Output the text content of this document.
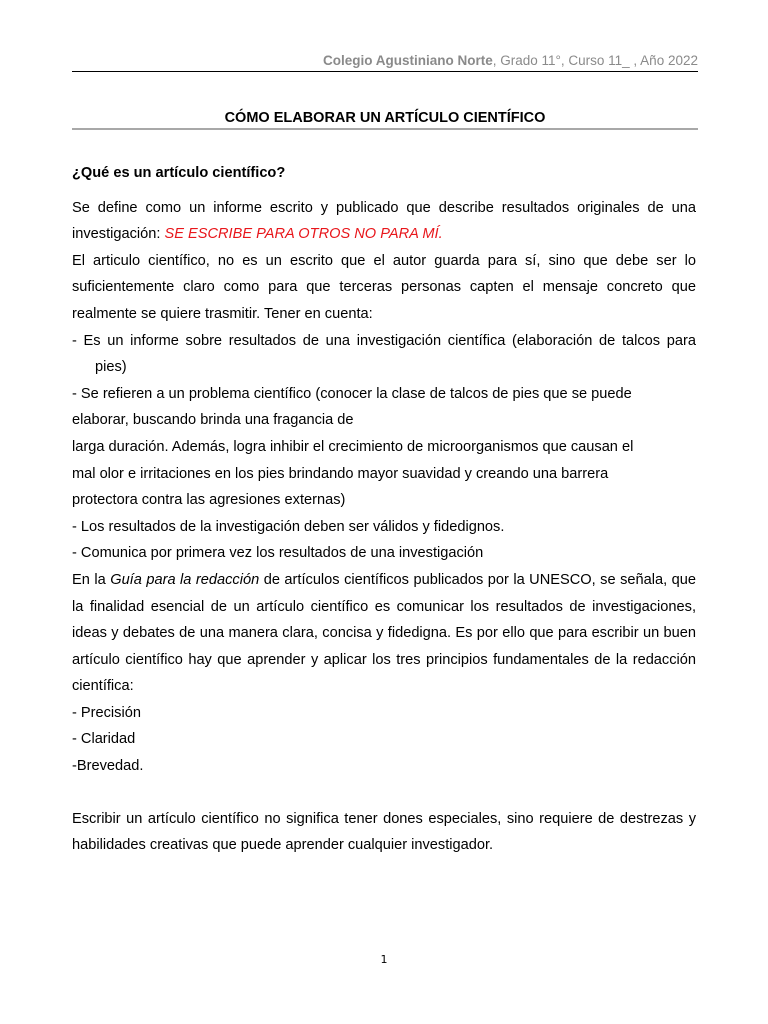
Colegio Agustiniano Norte, Grado 11°, Curso 11_ , Año 2022
CÓMO ELABORAR UN ARTÍCULO CIENTÍFICO

¿Qué es un artículo científico?

Se define como un informe escrito y publicado que describe resultados originales de una investigación: SE ESCRIBE PARA OTROS NO PARA MÍ.

El articulo científico, no es un escrito que el autor guarda para sí, sino que debe ser lo suficientemente claro como para que terceras personas capten el mensaje concreto que realmente se quiere trasmitir. Tener en cuenta:

- Es un informe sobre resultados de una investigación científica (elaboración de talcos para pies)

- Se refieren a un problema científico (conocer la clase de talcos de pies que se puede

elaborar, buscando brinda una fragancia de

larga duración. Además, logra inhibir el crecimiento de microorganismos que causan el

mal olor e irritaciones en los pies brindando mayor suavidad y creando una barrera

protectora contra las agresiones externas)

- Los resultados de la investigación deben ser válidos y fidedignos.

- Comunica por primera vez los resultados de una investigación

En la Guía para la redacción de artículos científicos publicados por la UNESCO, se señala, que la finalidad esencial de un artículo científico es comunicar los resultados de investigaciones, ideas y debates de una manera clara, concisa y fidedigna. Es por ello que para escribir un buen artículo científico hay que aprender y aplicar los tres principios fundamentales de la redacción científica:

- Precisión

- Claridad

-Brevedad.

Escribir un artículo científico no significa tener dones especiales, sino requiere de destrezas y habilidades creativas que puede aprender cualquier investigador.

1
